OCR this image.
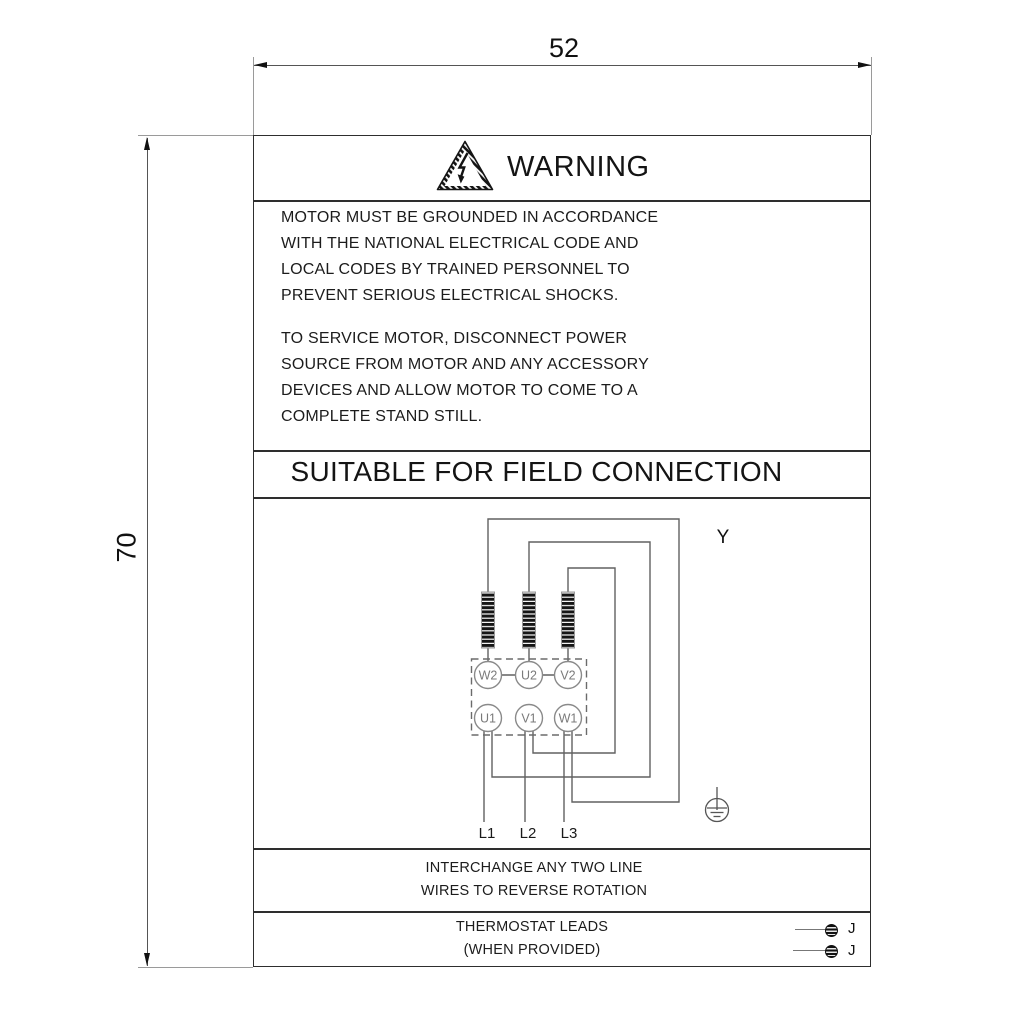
52
70
WARNING
MOTOR MUST BE GROUNDED IN ACCORDANCE
WITH THE NATIONAL ELECTRICAL CODE AND
LOCAL CODES BY TRAINED PERSONNEL TO
PREVENT SERIOUS ELECTRICAL SHOCKS.
TO SERVICE MOTOR, DISCONNECT POWER
SOURCE FROM MOTOR AND ANY ACCESSORY
DEVICES AND ALLOW MOTOR TO COME TO A
COMPLETE STAND STILL.
SUITABLE FOR FIELD CONNECTION
W2 U2 V2
U1 V1 W1
L1 L2 L3
Y
INTERCHANGE ANY TWO LINE
WIRES TO REVERSE ROTATION
THERMOSTAT LEADS
(WHEN PROVIDED)
J
J
